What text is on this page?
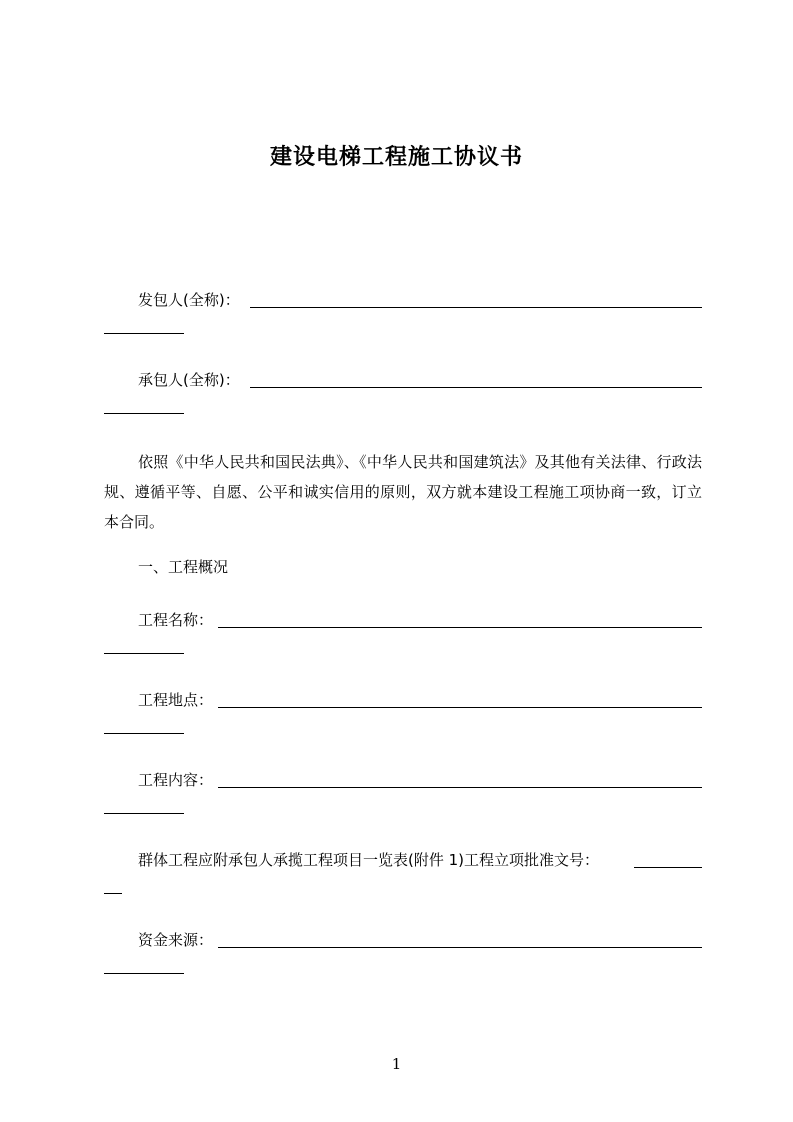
建设电梯工程施工协议书
发包人(全称)：
承包人(全称)：
依照《中华人民共和国民法典》、《中华人民共和国建筑法》及其他有关法律、行政法规、遵循平等、自愿、公平和诚实信用的原则，双方就本建设工程施工项协商一致，订立本合同。
一、工程概况
工程名称：
工程地点：
工程内容：
群体工程应附承包人承揽工程项目一览表(附件 1)工程立项批准文号：
资金来源：
1
